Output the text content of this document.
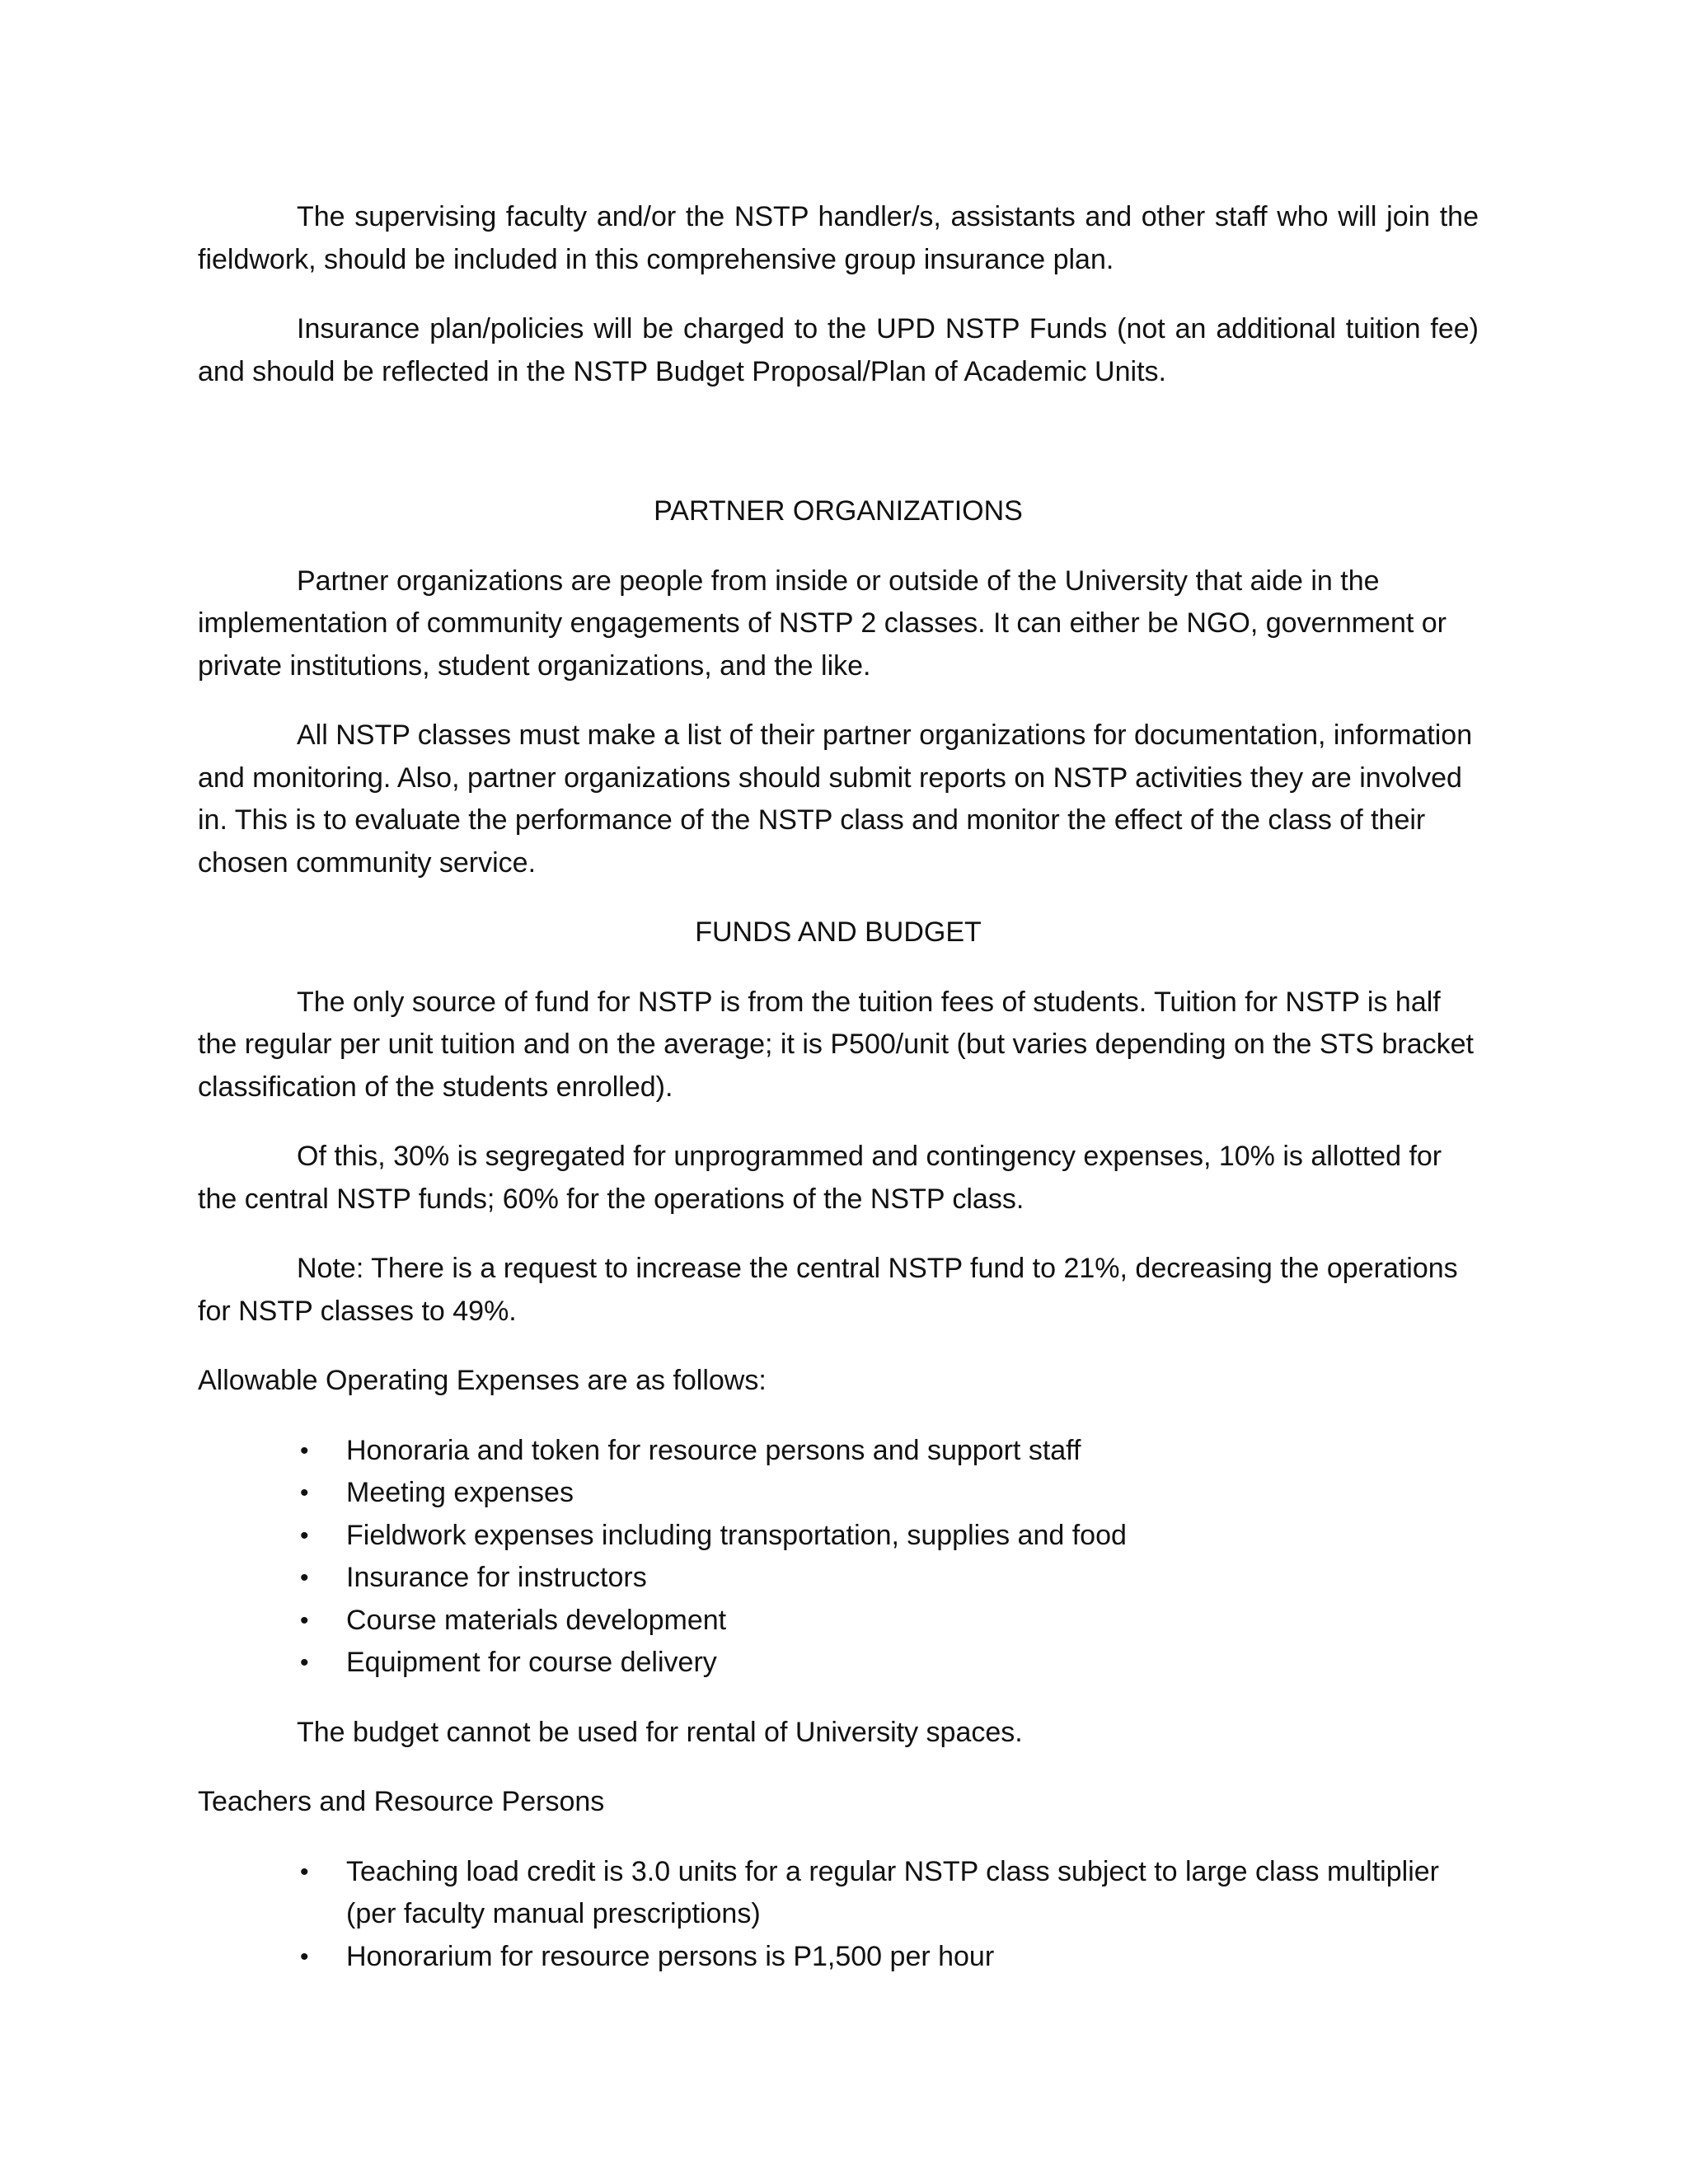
The supervising faculty and/or the NSTP handler/s, assistants and other staff who will join the fieldwork, should be included in this comprehensive group insurance plan.

Insurance plan/policies will be charged to the UPD NSTP Funds (not an additional tuition fee) and should be reflected in the NSTP Budget Proposal/Plan of Academic Units.

PARTNER ORGANIZATIONS

Partner organizations are people from inside or outside of the University that aide in the implementation of community engagements of NSTP 2 classes. It can either be NGO, government or private institutions, student organizations, and the like.

All NSTP classes must make a list of their partner organizations for documentation, information and monitoring. Also, partner organizations should submit reports on NSTP activities they are involved in. This is to evaluate the performance of the NSTP class and monitor the effect of the class of their chosen community service.

FUNDS AND BUDGET

The only source of fund for NSTP is from the tuition fees of students. Tuition for NSTP is half the regular per unit tuition and on the average; it is P500/unit (but varies depending on the STS bracket classification of the students enrolled).

Of this, 30% is segregated for unprogrammed and contingency expenses, 10% is allotted for the central NSTP funds; 60% for the operations of the NSTP class.

Note: There is a request to increase the central NSTP fund to 21%, decreasing the operations for NSTP classes to 49%.

Allowable Operating Expenses are as follows:

• Honoraria and token for resource persons and support staff
• Meeting expenses
• Fieldwork expenses including transportation, supplies and food
• Insurance for instructors
• Course materials development
• Equipment for course delivery

The budget cannot be used for rental of University spaces.

Teachers and Resource Persons

• Teaching load credit is 3.0 units for a regular NSTP class subject to large class multiplier (per faculty manual prescriptions)
• Honorarium for resource persons is P1,500 per hour
